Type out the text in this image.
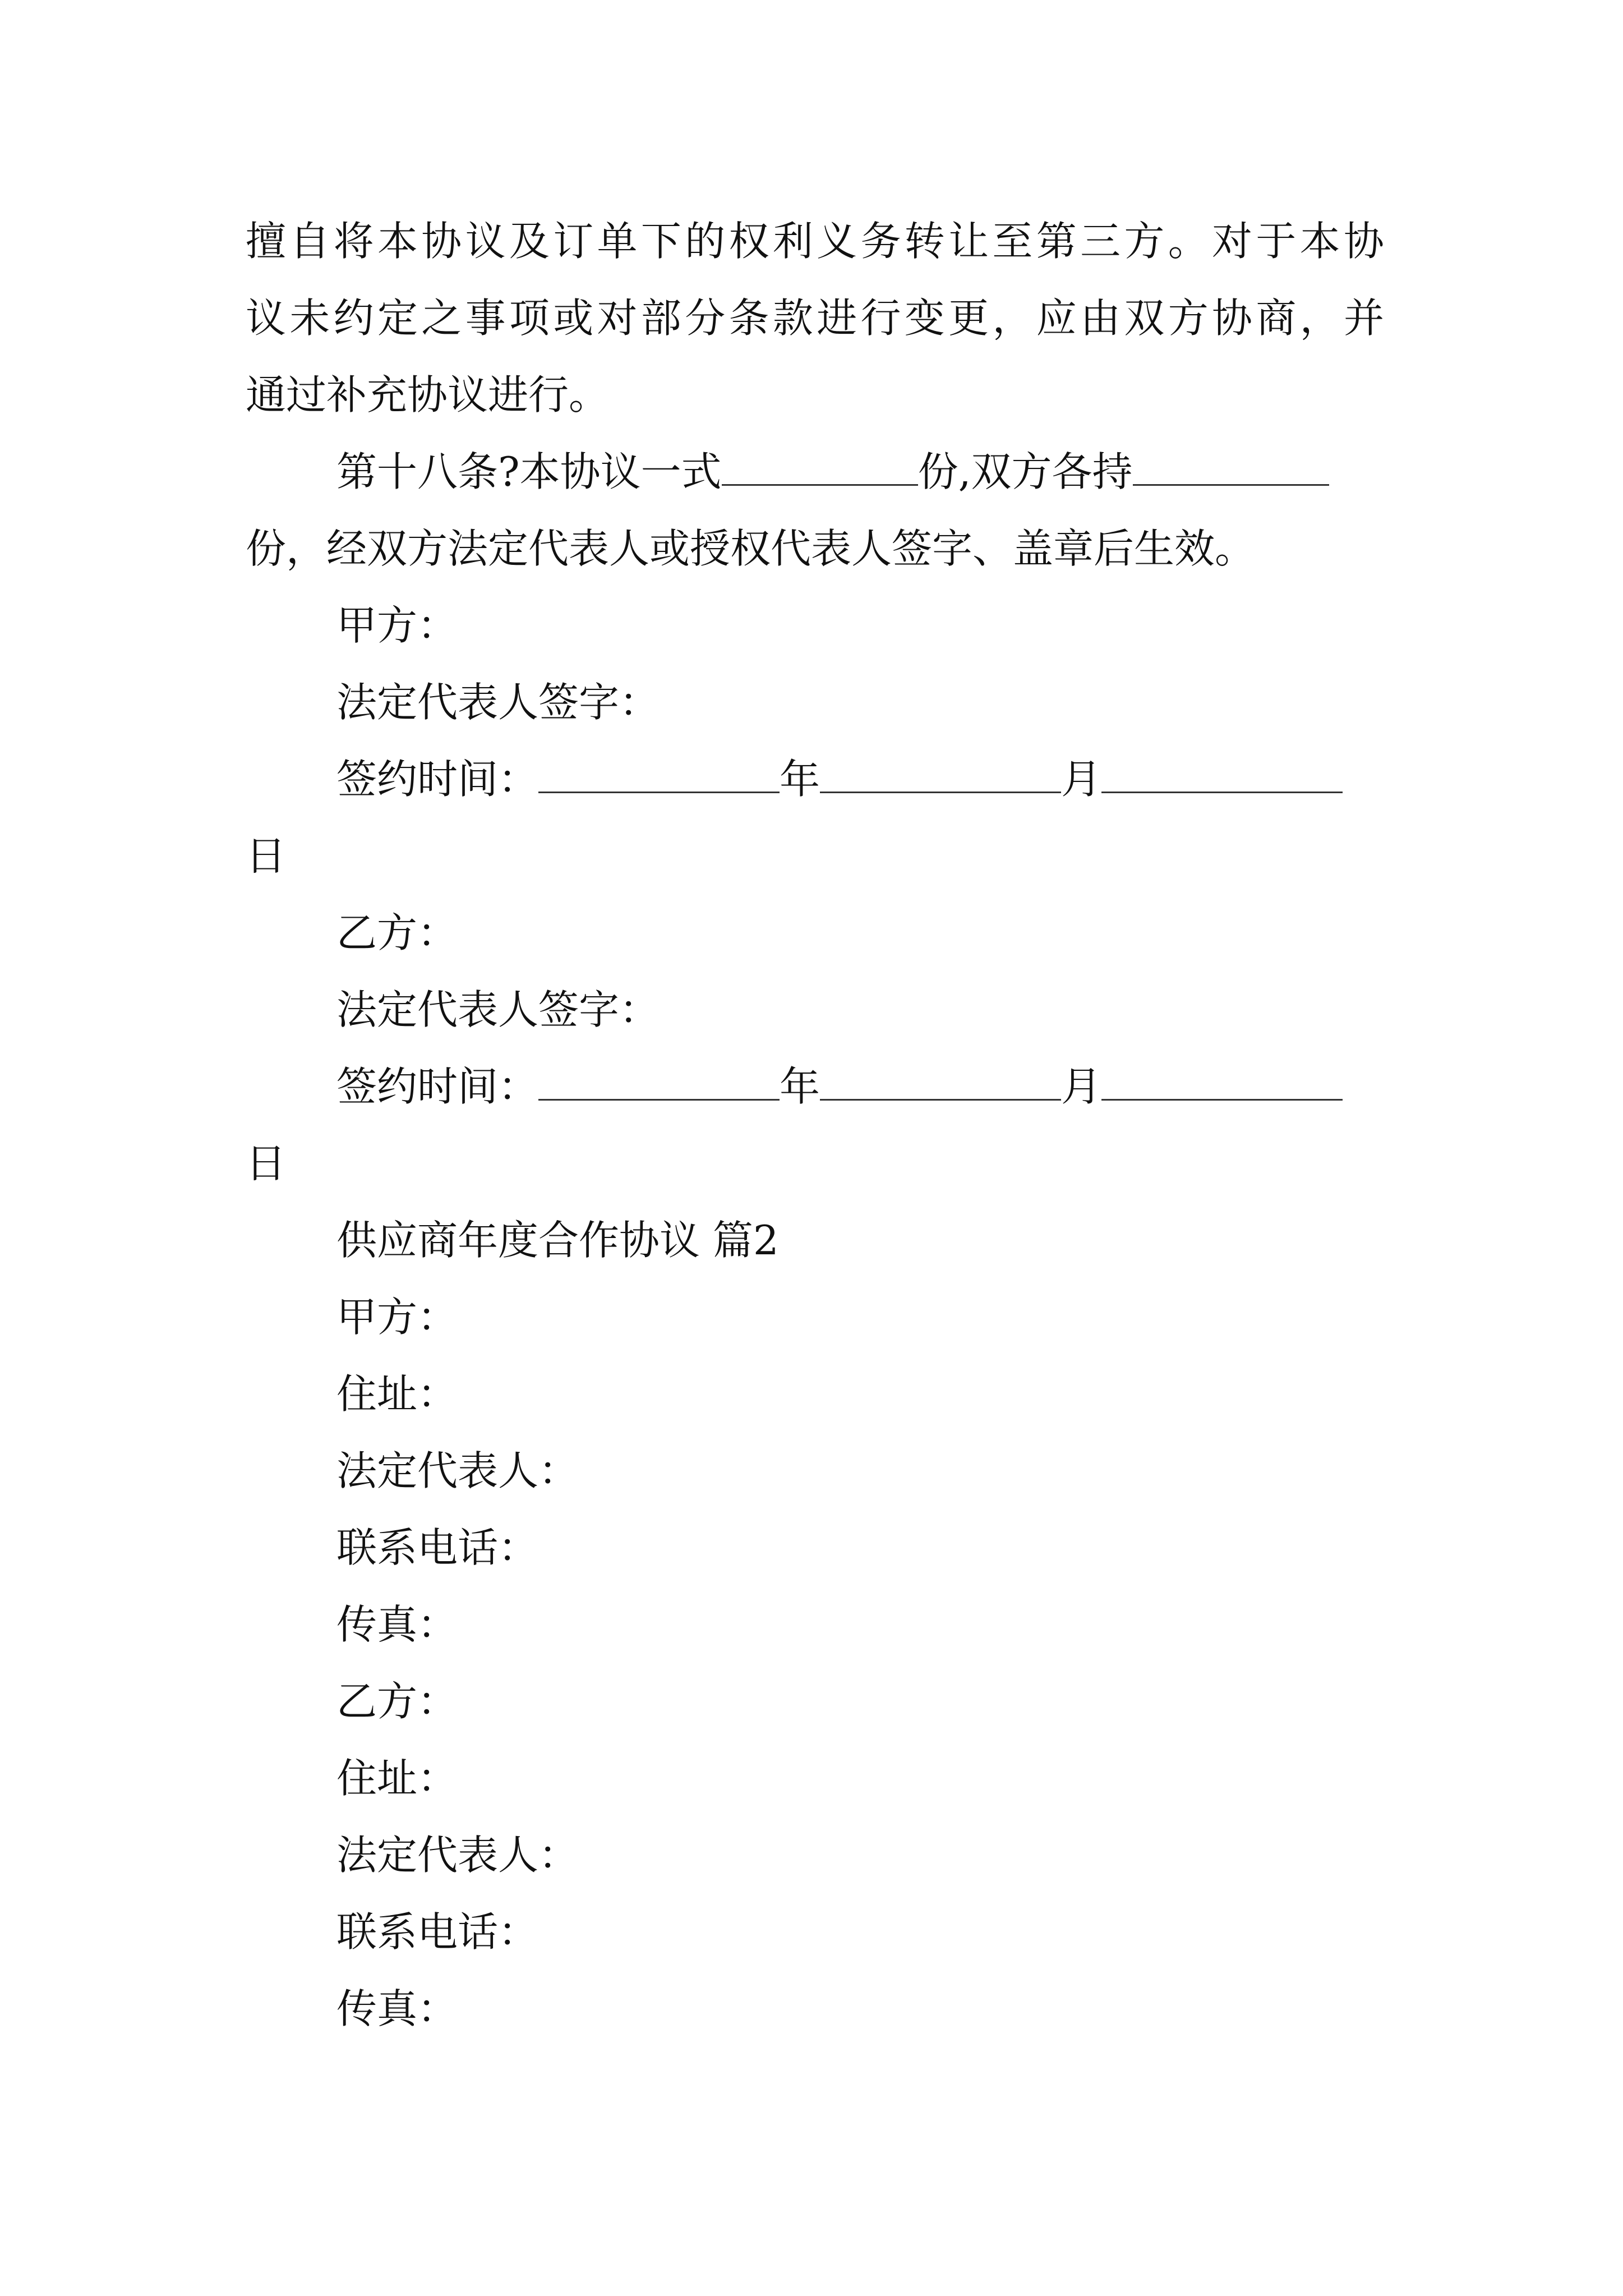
擅自将本协议及订单下的权利义务转让至第三方。对于本协
议未约定之事项或对部分条款进行变更，应由双方协商，并
通过补充协议进行。
第十八条?本协议一式	份,双方各持
份，经双方法定代表人或授权代表人签字、盖章后生效。
甲方：
法定代表人签字：
签约时间：	年	月
日
乙方：
法定代表人签字：
签约时间：	年	月
日
供应商年度合作协议 篇2
甲方：
住址：
法定代表人：
联系电话：
传真：
乙方：
住址：
法定代表人：
联系电话：
传真：
